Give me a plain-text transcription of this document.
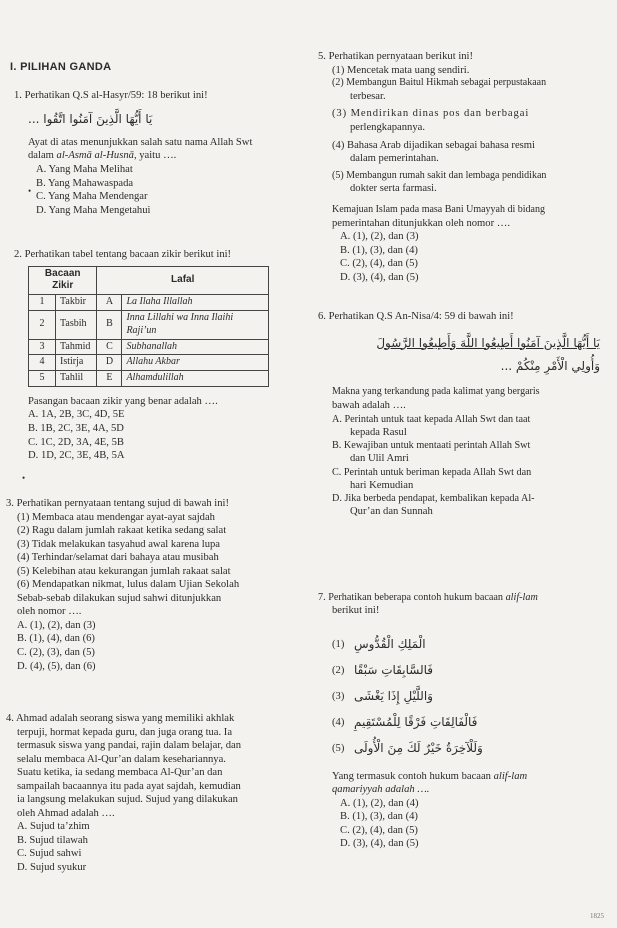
I. PILIHAN GANDA
1. Perhatikan Q.S al-Hasyr/59: 18 berikut ini!
يَا أَيُّهَا الَّذِينَ آمَنُوا اتَّقُوا ...
Ayat di atas menunjukkan salah satu nama Allah Swt
dalam al-Asmā al-Husnā, yaitu ….
A. Yang Maha Melihat
B. Yang Mahawaspada
C. Yang Maha Mendengar
D. Yang Maha Mengetahui
•
2. Perhatikan tabel tentang bacaan zikir berikut ini!
Bacaan Zikir		Lafal	
1	Takbir	A	La Ilaha Illallah
2	Tasbih	B	Inna Lillahi wa Inna Ilaihi Raji’un
3	Tahmid	C	Subhanallah
4	Istirja	D	Allahu Akbar
5	Tahlil	E	Alhamdulillah
Pasangan bacaan zikir yang benar adalah ….
A. 1A, 2B, 3C, 4D, 5E
B. 1B, 2C, 3E, 4A, 5D
C. 1C, 2D, 3A, 4E, 5B
D. 1D, 2C, 3E, 4B, 5A
•
3. Perhatikan pernyataan tentang sujud di bawah ini!
(1) Membaca atau mendengar ayat-ayat sajdah
(2) Ragu dalam jumlah rakaat ketika sedang salat
(3) Tidak melakukan tasyahud awal karena lupa
(4) Terhindar/selamat dari bahaya atau musibah
(5) Kelebihan atau kekurangan jumlah rakaat salat
(6) Mendapatkan nikmat, lulus dalam Ujian Sekolah
Sebab-sebab dilakukan sujud sahwi ditunjukkan
oleh nomor ….
A. (1), (2), dan (3)
B. (1), (4), dan (6)
C. (2), (3), dan (5)
D. (4), (5), dan (6)
4. Ahmad adalah seorang siswa yang memiliki akhlak
terpuji, hormat kepada guru, dan juga orang tua. Ia
termasuk siswa yang pandai, rajin dalam belajar, dan
selalu membaca Al-Qur’an dalam kesehariannya.
Suatu ketika, ia sedang membaca Al-Qur’an dan
sampailah bacaannya itu pada ayat sajdah, kemudian
ia langsung melakukan sujud. Sujud yang dilakukan
oleh Ahmad adalah ….
A. Sujud ta’zhim
B. Sujud tilawah
C. Sujud sahwi
D. Sujud syukur
5. Perhatikan pernyataan berikut ini!
(1) Mencetak mata uang sendiri.
(2) Membangun Baitul Hikmah sebagai perpustakaan
terbesar.
(3) Mendirikan dinas pos dan berbagai
perlengkapannya.
(4) Bahasa Arab dijadikan sebagai bahasa resmi
dalam pemerintahan.
(5) Membangun rumah sakit dan lembaga pendidikan
dokter serta farmasi.
Kemajuan Islam pada masa Bani Umayyah di bidang
pemerintahan ditunjukkan oleh nomor ….
A. (1), (2), dan (3)
B. (1), (3), dan (4)
C. (2), (4), dan (5)
D. (3), (4), dan (5)
6. Perhatikan Q.S An-Nisa/4: 59 di bawah ini!
يَا أَيُّهَا الَّذِينَ آمَنُوا أَطِيعُوا اللَّهَ وَأَطِيعُوا الرَّسُولَ
وَأُولِي الْأَمْرِ مِنْكُمْ ...
Makna yang terkandung pada kalimat yang bergaris
bawah adalah ….
A. Perintah untuk taat kepada Allah Swt dan taat
kepada Rasul
B. Kewajiban untuk mentaati perintah Allah Swt
dan Ulil Amri
C. Perintah untuk beriman kepada Allah Swt dan
hari Kemudian
D. Jika berbeda pendapat, kembalikan kepada Al-
Qur’an dan Sunnah
7. Perhatikan beberapa contoh hukum bacaan alif-lam
berikut ini!
(1) الْمَلِكِ الْقُدُّوسِ
(2) فَالسَّابِقَاتِ سَبْقًا
(3) وَاللَّيْلِ إِذَا يَغْشَى
(4) فَالْفَالِقَاتِ فَرْقًا لِلْمُسْتَقِيمِ
(5) وَلَلْآخِرَةُ خَيْرٌ لَكَ مِنَ الْأُولَى
Yang termasuk contoh hukum bacaan alif-lam
qamariyyah adalah ….
A. (1), (2), dan (4)
B. (1), (3), dan (4)
C. (2), (4), dan (5)
D. (3), (4), dan (5)
1825
